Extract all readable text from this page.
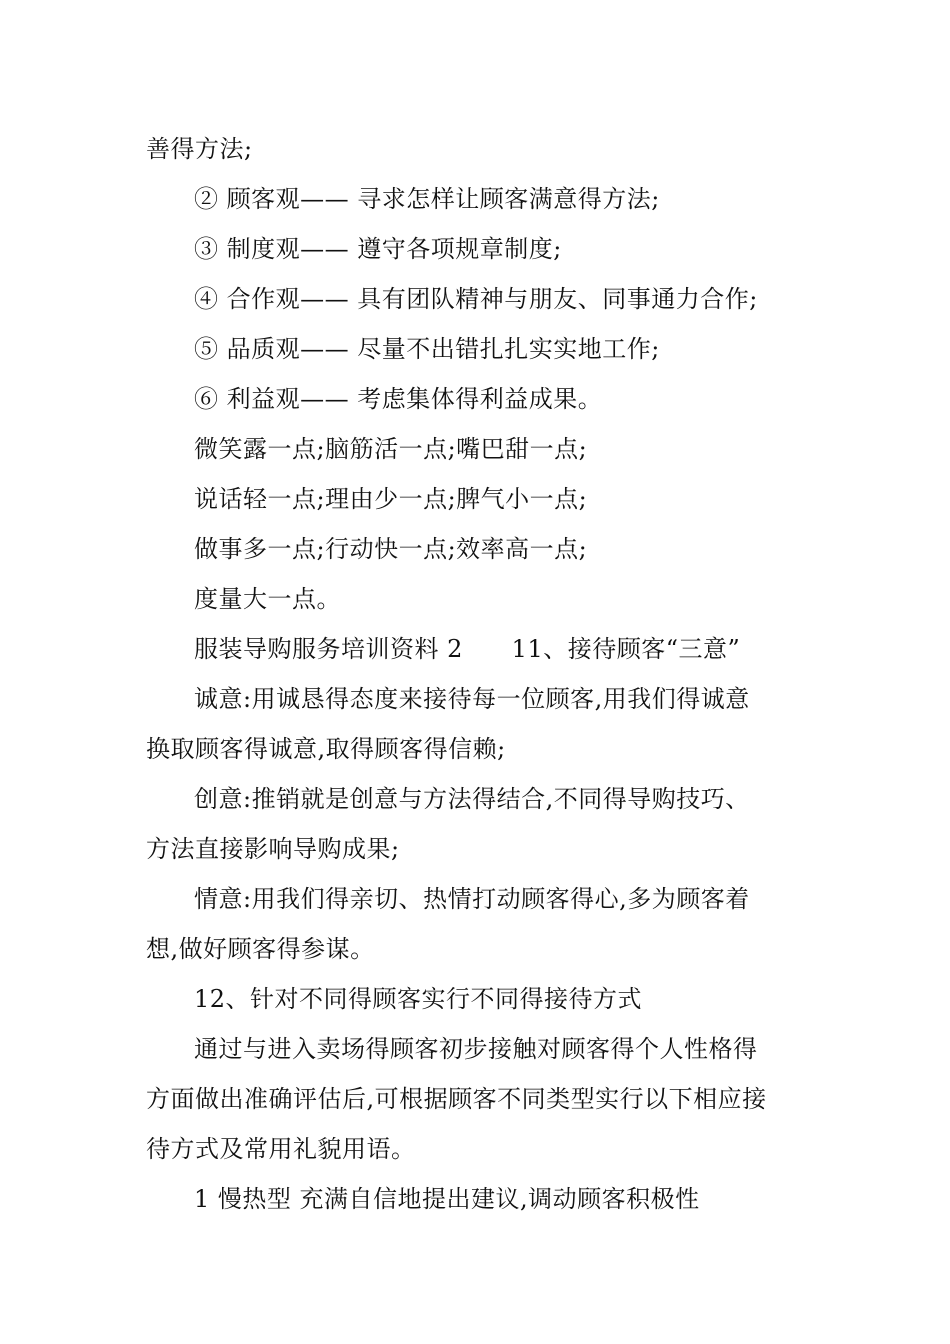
善得方法;
② 顾客观—— 寻求怎样让顾客满意得方法;
③ 制度观—— 遵守各项规章制度;
④ 合作观—— 具有团队精神与朋友、同事通力合作;
⑤ 品质观—— 尽量不出错扎扎实实地工作;
⑥ 利益观—— 考虑集体得利益成果。
微笑露一点;脑筋活一点;嘴巴甜一点;
说话轻一点;理由少一点;脾气小一点;
做事多一点;行动快一点;效率高一点;
度量大一点。
服装导购服务培训资料 2      11、接待顾客“三意”
诚意:用诚恳得态度来接待每一位顾客,用我们得诚意
换取顾客得诚意,取得顾客得信赖;
创意:推销就是创意与方法得结合,不同得导购技巧、
方法直接影响导购成果;
情意:用我们得亲切、热情打动顾客得心,多为顾客着
想,做好顾客得参谋。
12、针对不同得顾客实行不同得接待方式
通过与进入卖场得顾客初步接触对顾客得个人性格得
方面做出准确评估后,可根据顾客不同类型实行以下相应接
待方式及常用礼貌用语。
1 慢热型 充满自信地提出建议,调动顾客积极性
